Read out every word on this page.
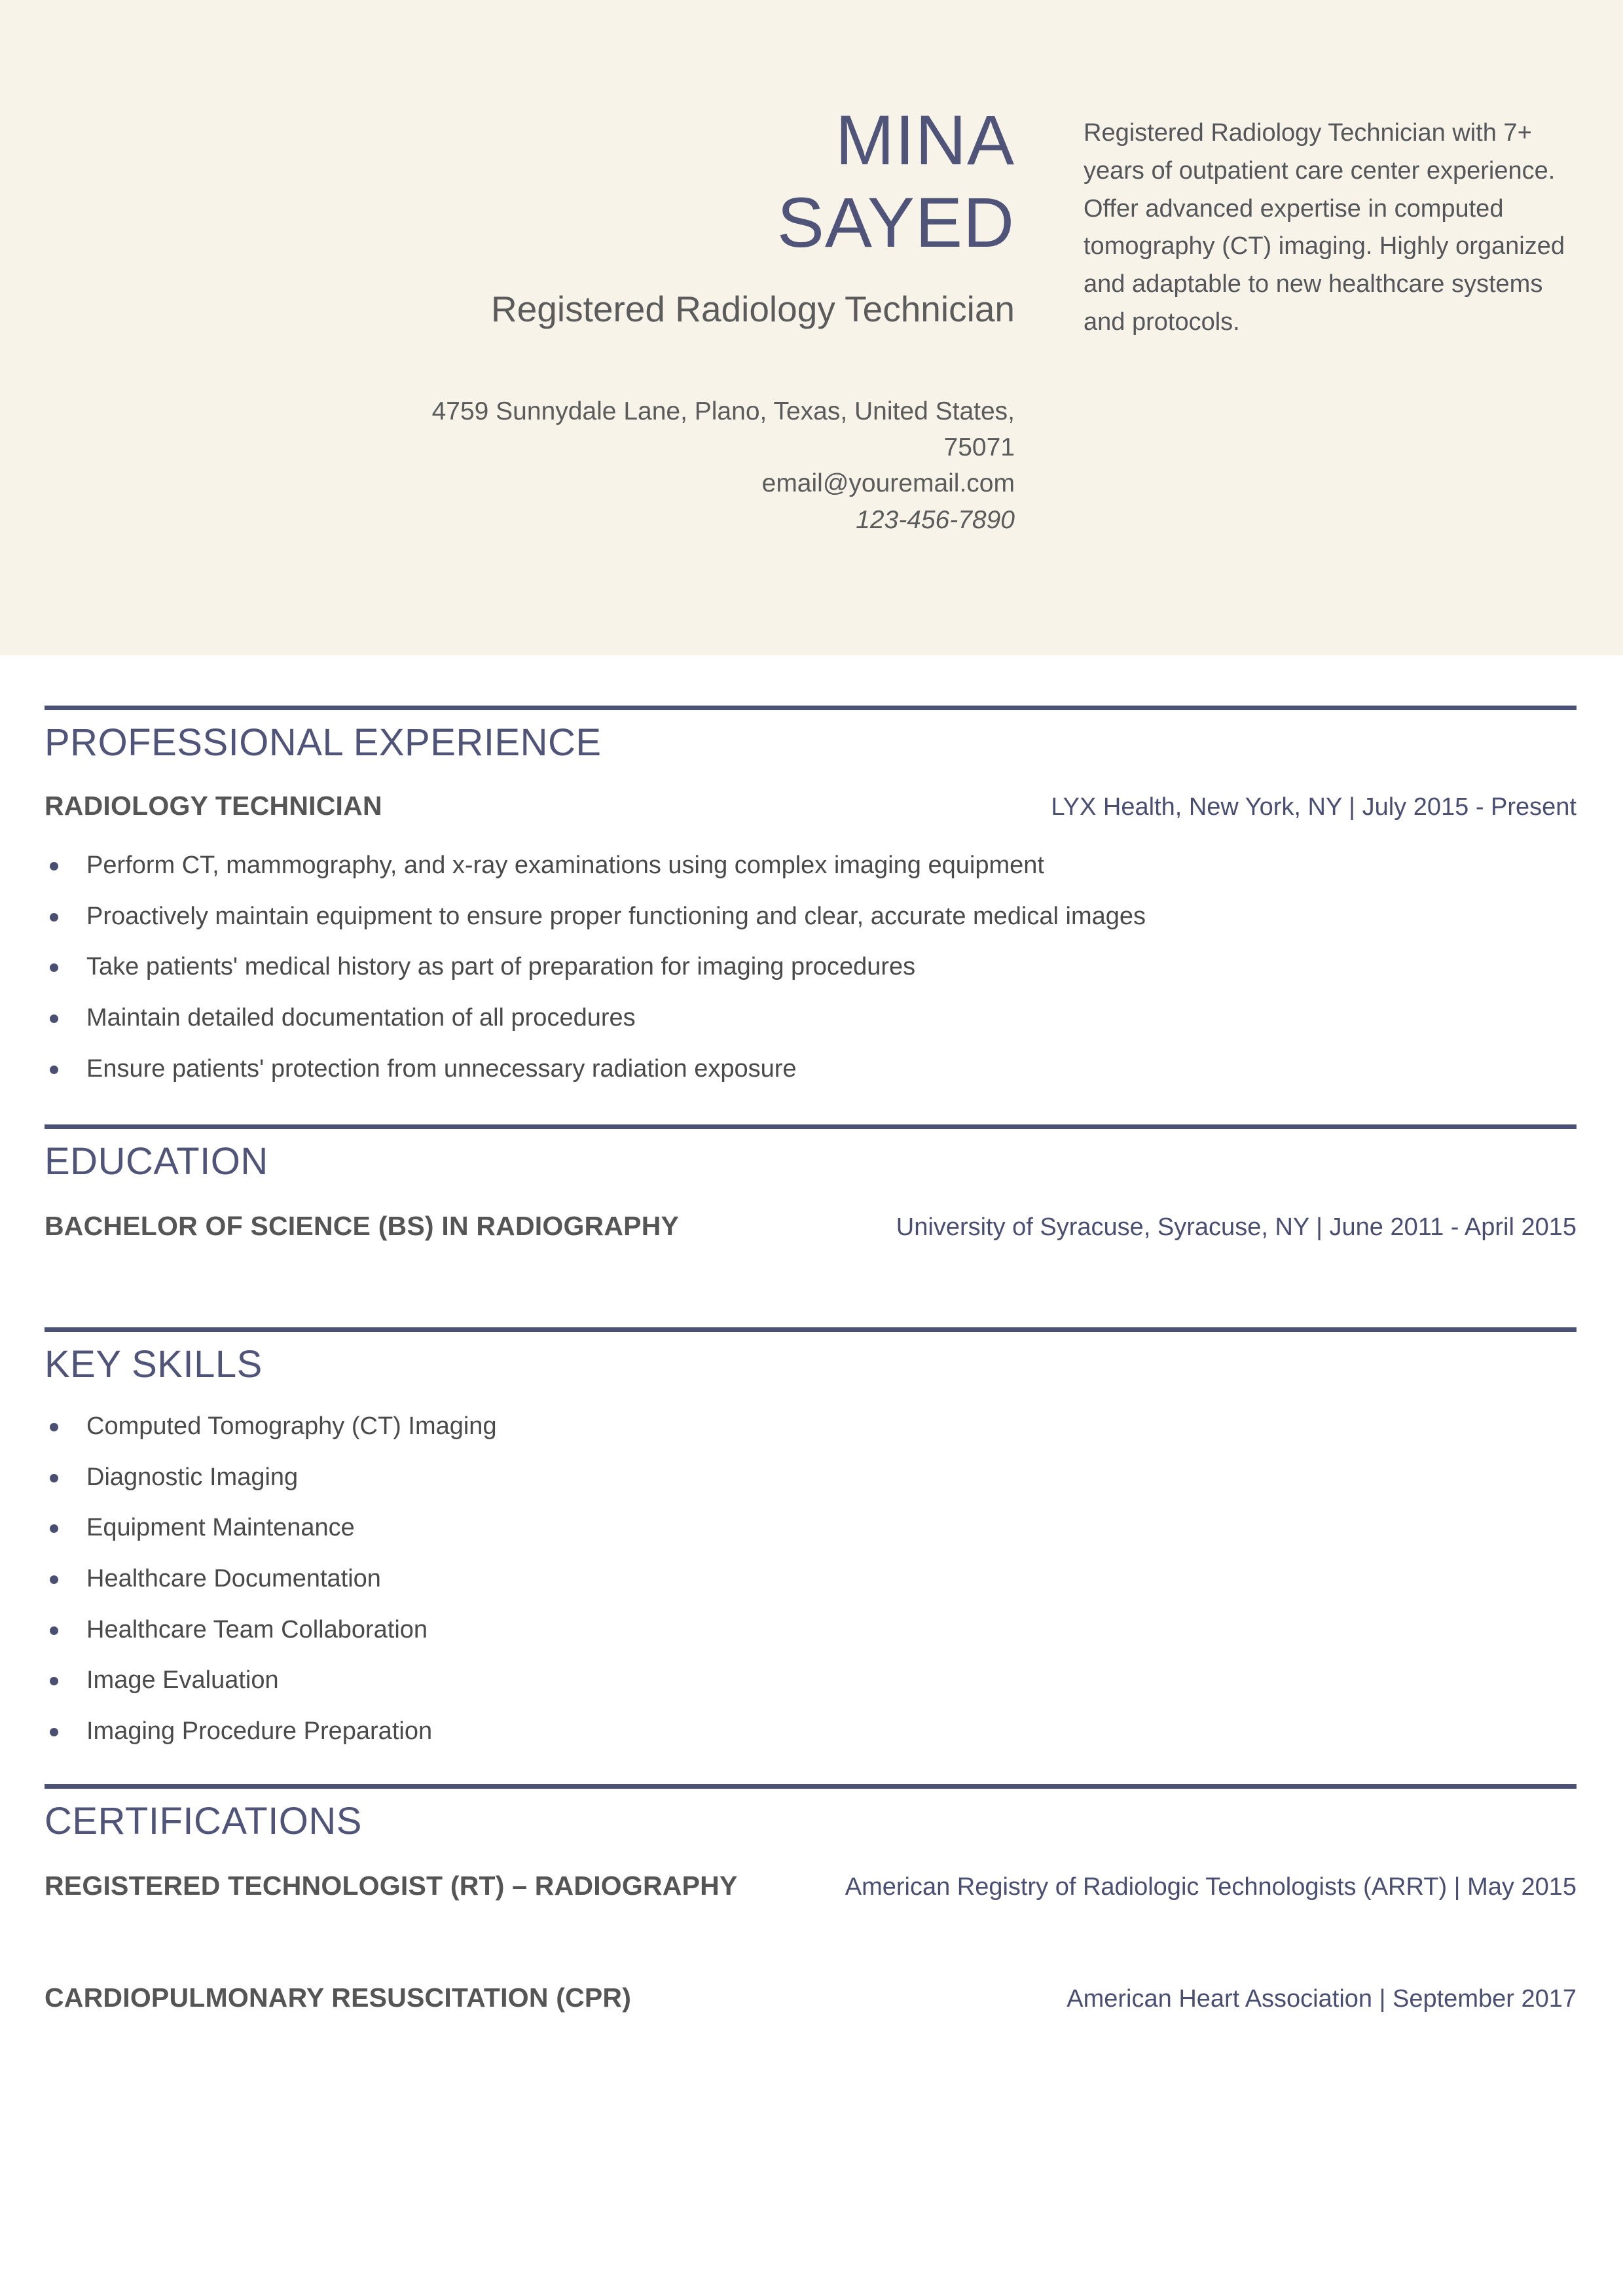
MINA
SAYED
Registered Radiology Technician
4759 Sunnydale Lane, Plano, Texas, United States,
75071
email@youremail.com
123-456-7890
Registered Radiology Technician with 7+ years of outpatient care center experience. Offer advanced expertise in computed tomography (CT) imaging. Highly organized and adaptable to new healthcare systems and protocols.
PROFESSIONAL EXPERIENCE
RADIOLOGY TECHNICIAN	LYX Health, New York, NY | July 2015 - Present
Perform CT, mammography, and x-ray examinations using complex imaging equipment
Proactively maintain equipment to ensure proper functioning and clear, accurate medical images
Take patients' medical history as part of preparation for imaging procedures
Maintain detailed documentation of all procedures
Ensure patients' protection from unnecessary radiation exposure
EDUCATION
BACHELOR OF SCIENCE (BS) IN RADIOGRAPHY	University of Syracuse, Syracuse, NY | June 2011 - April 2015
KEY SKILLS
Computed Tomography (CT) Imaging
Diagnostic Imaging
Equipment Maintenance
Healthcare Documentation
Healthcare Team Collaboration
Image Evaluation
Imaging Procedure Preparation
CERTIFICATIONS
REGISTERED TECHNOLOGIST (RT) – RADIOGRAPHY	American Registry of Radiologic Technologists (ARRT) | May 2015
CARDIOPULMONARY RESUSCITATION (CPR)	American Heart Association | September 2017
